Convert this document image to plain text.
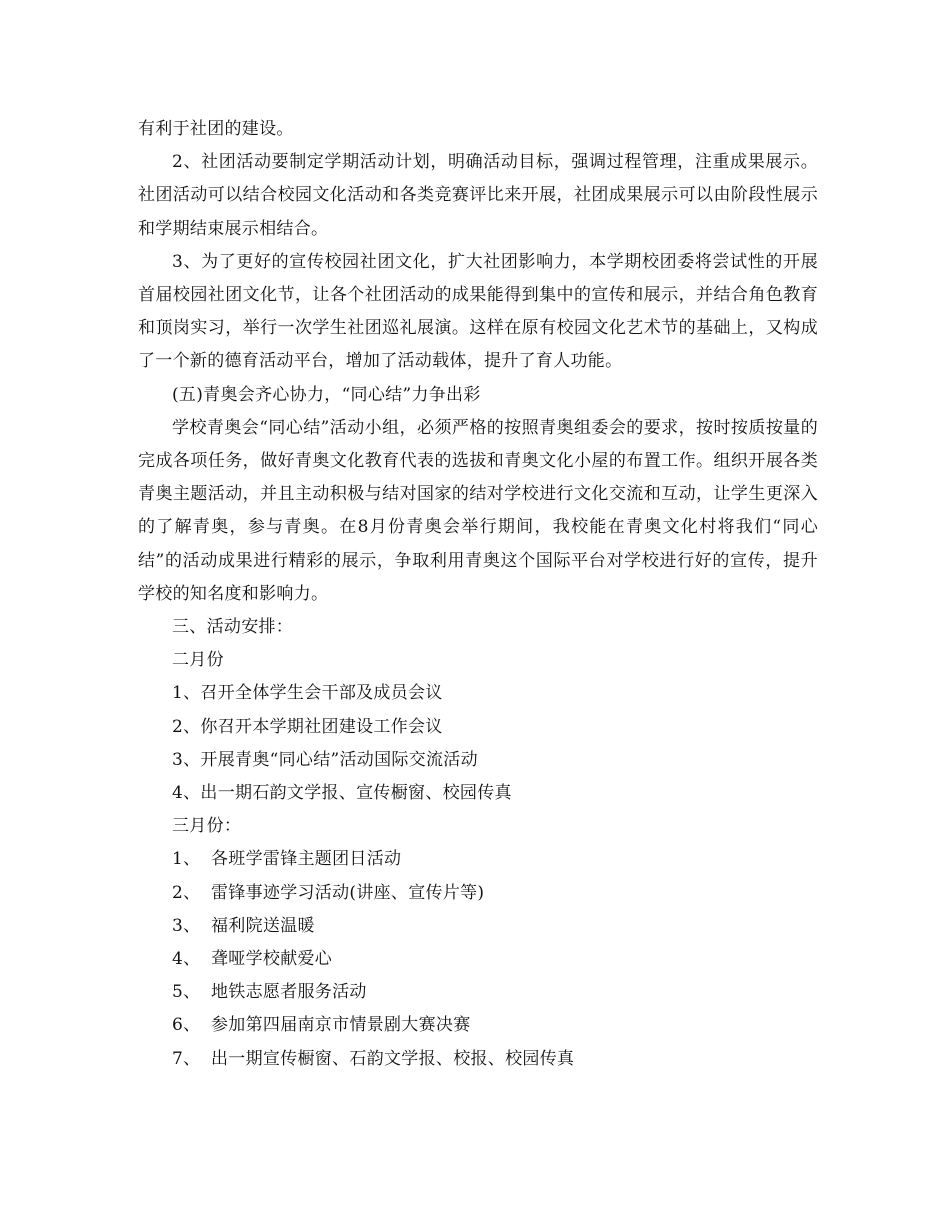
有利于社团的建设。

2、社团活动要制定学期活动计划，明确活动目标，强调过程管理，注重成果展示。社团活动可以结合校园文化活动和各类竞赛评比来开展，社团成果展示可以由阶段性展示和学期结束展示相结合。

3、为了更好的宣传校园社团文化，扩大社团影响力，本学期校团委将尝试性的开展首届校园社团文化节，让各个社团活动的成果能得到集中的宣传和展示，并结合角色教育和顶岗实习，举行一次学生社团巡礼展演。这样在原有校园文化艺术节的基础上，又构成了一个新的德育活动平台，增加了活动载体，提升了育人功能。

(五)青奥会齐心协力，“同心结”力争出彩

学校青奥会“同心结”活动小组，必须严格的按照青奥组委会的要求，按时按质按量的完成各项任务，做好青奥文化教育代表的选拔和青奥文化小屋的布置工作。组织开展各类青奥主题活动，并且主动积极与结对国家的结对学校进行文化交流和互动，让学生更深入的了解青奥，参与青奥。在8月份青奥会举行期间，我校能在青奥文化村将我们“同心结”的活动成果进行精彩的展示，争取利用青奥这个国际平台对学校进行好的宣传，提升学校的知名度和影响力。

三、活动安排：

二月份

1、召开全体学生会干部及成员会议

2、你召开本学期社团建设工作会议

3、开展青奥“同心结”活动国际交流活动

4、出一期石韵文学报、宣传橱窗、校园传真

三月份：

1、 各班学雷锋主题团日活动

2、 雷锋事迹学习活动(讲座、宣传片等)

3、 福利院送温暖

4、 聋哑学校献爱心

5、 地铁志愿者服务活动

6、 参加第四届南京市情景剧大赛决赛

7、 出一期宣传橱窗、石韵文学报、校报、校园传真
